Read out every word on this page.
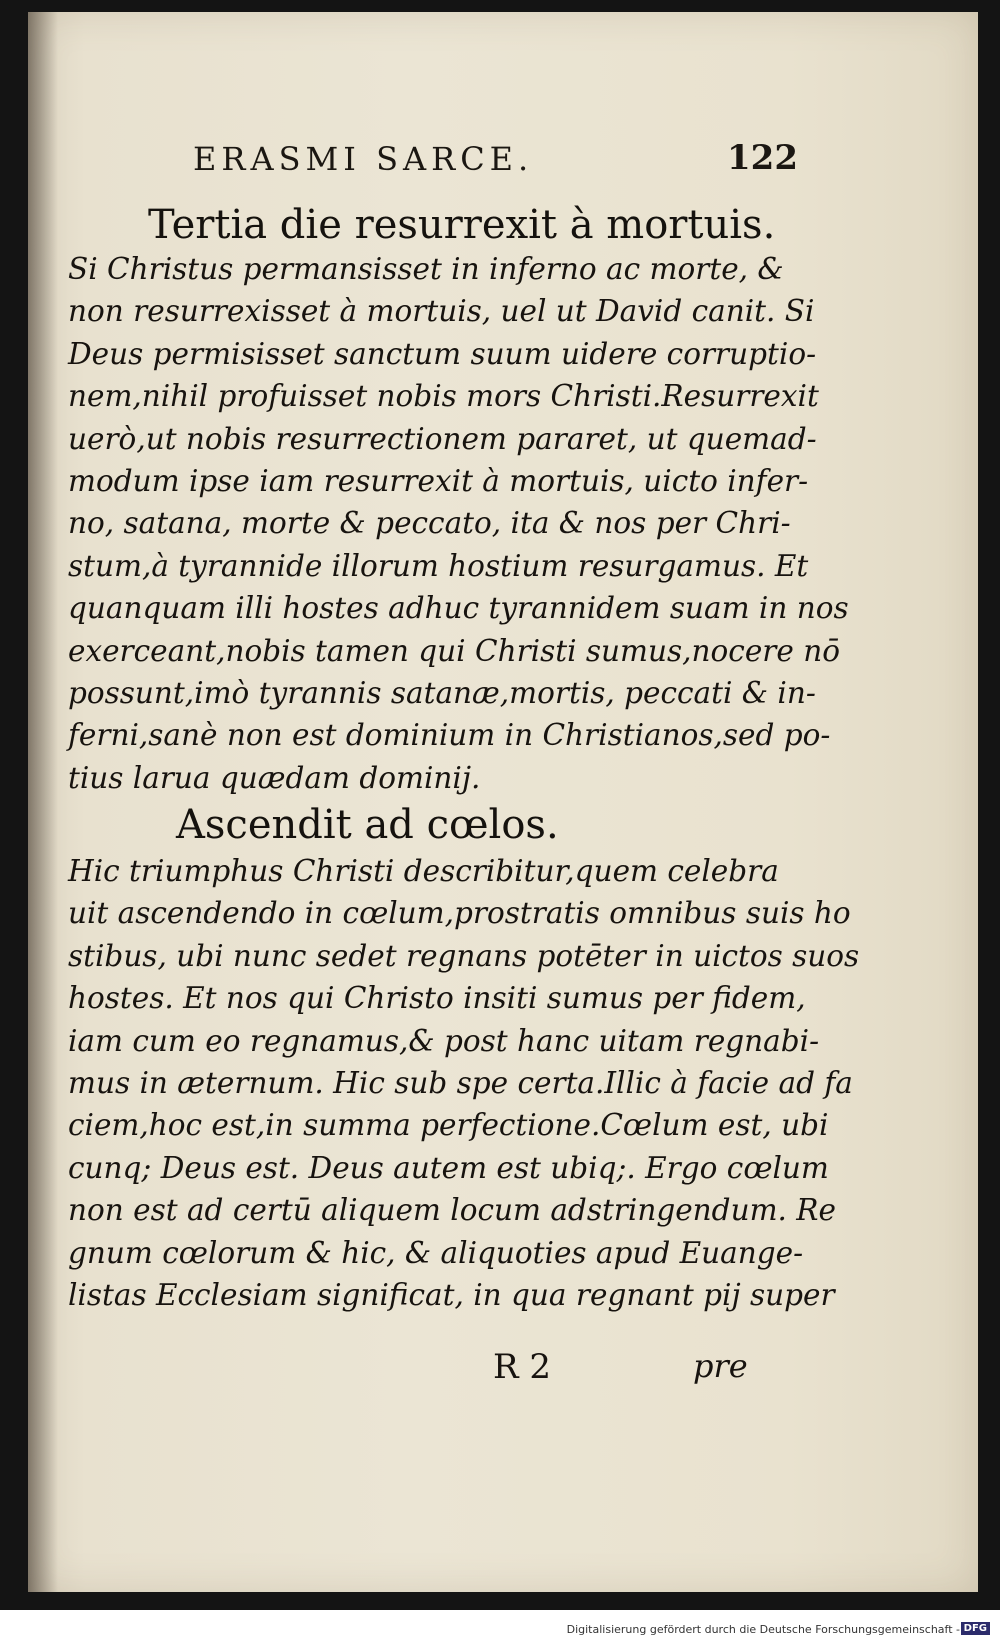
ERASMI SARCE.	122
Tertia die resurrexit à mortuis.
Si Christus permansisset in inferno ac morte, &
non resurrexisset à mortuis, uel ut David canit. Si
Deus permisisset sanctum suum uidere corruptio-
nem,nihil profuisset nobis mors Christi.Resurrexit
uerò,ut nobis resurrectionem pararet, ut quemad-
modum ipse iam resurrexit à mortuis, uicto infer-
no, satana, morte & peccato, ita & nos per Chri-
stum,à tyrannide illorum hostium resurgamus. Et
quanquam illi hostes adhuc tyrannidem suam in nos
exerceant,nobis tamen qui Christi sumus,nocere nō
possunt,imò tyrannis satanæ,mortis, peccati & in-
ferni,sanè non est dominium in Christianos,sed po-
tius larua quædam dominij.
Ascendit ad cœlos.
Hic triumphus Christi describitur,quem celebra
uit ascendendo in cœlum,prostratis omnibus suis ho
stibus, ubi nunc sedet regnans potēter in uictos suos
hostes. Et nos qui Christo insiti sumus per fidem,
iam cum eo regnamus,& post hanc uitam regnabi-
mus in æternum. Hic sub spe certa.Illic à facie ad fa
ciem,hoc est,in summa perfectione.Cœlum est, ubi
cunq; Deus est. Deus autem est ubiq;. Ergo cœlum
non est ad certū aliquem locum adstringendum. Re
gnum cœlorum & hic, & aliquoties apud Euange-
listas Ecclesiam significat, in qua regnant pij super
R 2	pre
Digitalisierung gefördert durch die Deutsche Forschungsgemeinschaft - DFG
